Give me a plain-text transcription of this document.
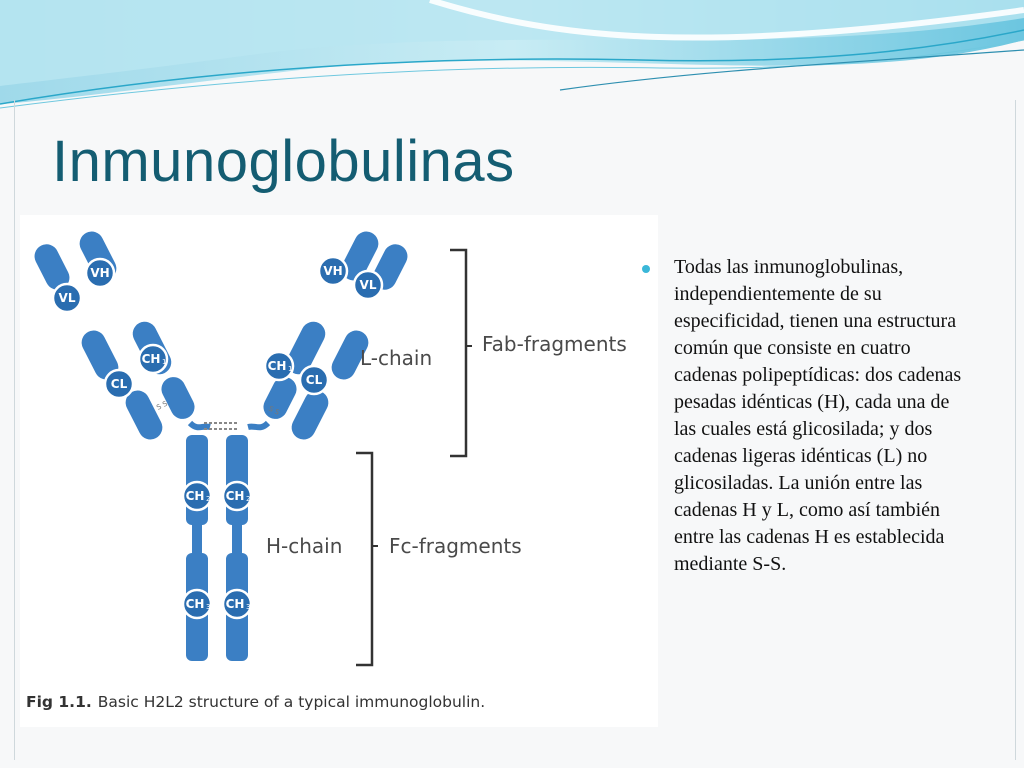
Inmunoglobulinas
S S	S S
VH
VL
CH 1
CL
VH
VL
CH 1
CL
CH 2 CH 2
CH 3 CH 3
L-chain
Fab-fragments
H-chain Fc-fragments
Fig 1.1. Basic H2L2 structure of a typical immunoglobulin.
Todas las inmunoglobulinas, independientemente de su especificidad, tienen una estructura común que consiste en cuatro cadenas polipeptídicas: dos cadenas pesadas idénticas (H), cada una de las cuales está glicosilada; y dos cadenas ligeras idénticas (L) no glicosiladas. La unión entre las cadenas H y L, como así también entre las cadenas H es establecida mediante S-S.
